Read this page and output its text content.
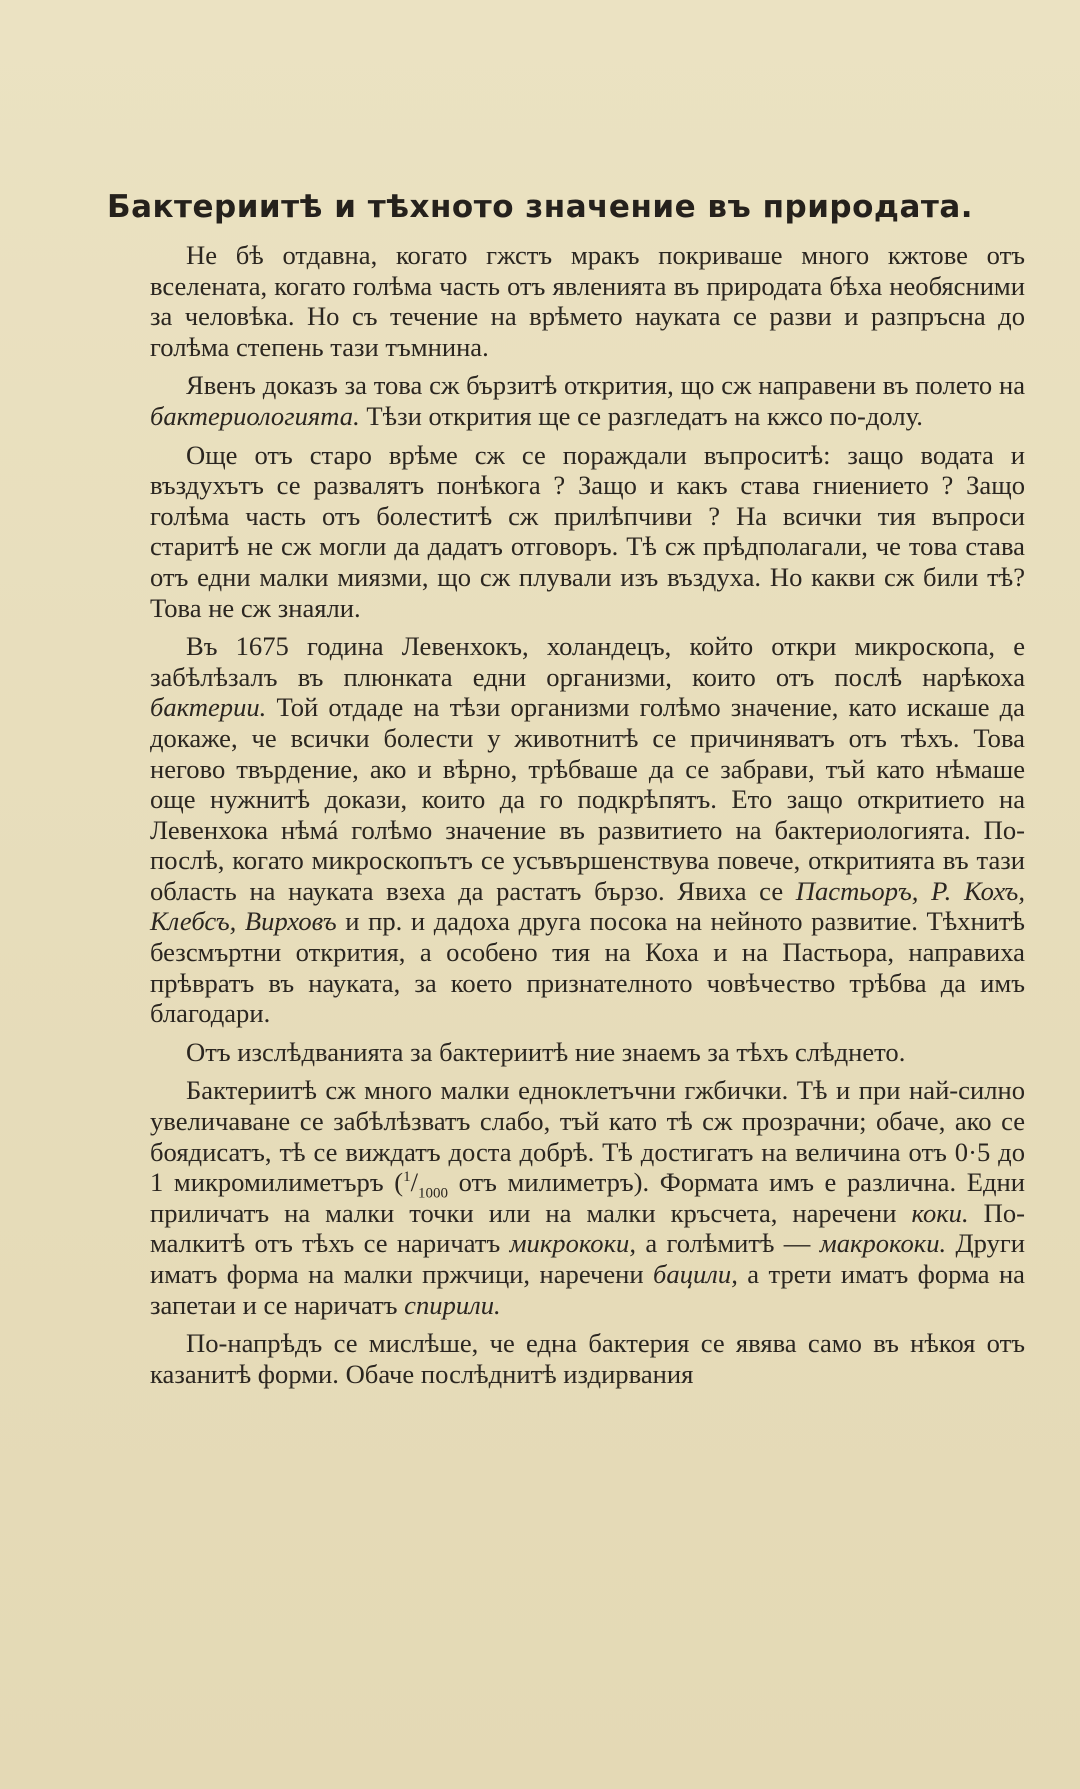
Бактериитѣ и тѣхното значение въ природата.

Не бѣ отдавна, когато гжстъ мракъ покриваше много кжтове отъ вселената, когато голѣма часть отъ явленията въ природата бѣха необясними за человѣка. Но съ течение на врѣмето науката се разви и разпръсна до голѣма степень тази тъмнина.

Явенъ доказъ за това сж бързитѣ открития, що сж направени въ полето на бактериологията. Тѣзи открития ще се разгледатъ на кжсо по-долу.

Още отъ старо врѣме сж се пораждали въпроситѣ: защо водата и въздухътъ се развалятъ понѣкога ? Защо и какъ става гниението ? Защо голѣма часть отъ болеститѣ сж прилѣпчиви ? На всички тия въпроси старитѣ не сж могли да дадатъ отговоръ. Тѣ сж прѣдполагали, че това става отъ едни малки миязми, що сж плували изъ въздуха. Но какви сж били тѣ? Това не сж знаяли.

Въ 1675 година Левенхокъ, холандецъ, който откри микроскопа, е забѣлѣзалъ въ плюнката едни организми, които отъ послѣ нарѣкоха бактерии. Той отдаде на тѣзи организми голѣмо значение, като искаше да докаже, че всички болести у животнитѣ се причиняватъ отъ тѣхъ. Това негово твърдение, ако и вѣрно, трѣбваше да се забрави, тъй като нѣмаше още нужнитѣ докази, които да го подкрѣпятъ. Ето защо откритието на Левенхока нѣмá голѣмо значение въ развитието на бактериологията. По-послѣ, когато микроскопътъ се усъвършенствува повече, откритията въ тази область на науката взеха да растатъ бързо. Явиха се Пастьоръ, Р. Кохъ, Клебсъ, Вирховъ и пр. и дадоха друга посока на нейното развитие. Тѣхнитѣ безсмъртни открития, а особено тия на Коха и на Пастьора, направиха прѣвратъ въ науката, за което признателното човѣчество трѣбва да имъ благодари.

Отъ изслѣдванията за бактериитѣ ние знаемъ за тѣхъ слѣднето.

Бактериитѣ сж много малки едноклетъчни гжбички. Тѣ и при най-силно увеличаване се забѣлѣзватъ слабо, тъй като тѣ сж прозрачни; обаче, ако се боядисатъ, тѣ се виждатъ доста добрѣ. Тѣ достигатъ на величина отъ 0·5 до 1 микромилиметъръ ($^1/_{1000}$ отъ милиметръ). Формата имъ е различна. Едни приличатъ на малки точки или на малки кръсчета, наречени коки. По-малкитѣ отъ тѣхъ се наричатъ микрококи, а голѣмитѣ — макрококи. Други иматъ форма на малки пржчици, наречени бацили, а трети иматъ форма на запетаи и се наричатъ спирили.

По-напрѣдъ се мислѣше, че една бактерия се явява само въ нѣкоя отъ казанитѣ форми. Обаче послѣднитѣ издирвания
